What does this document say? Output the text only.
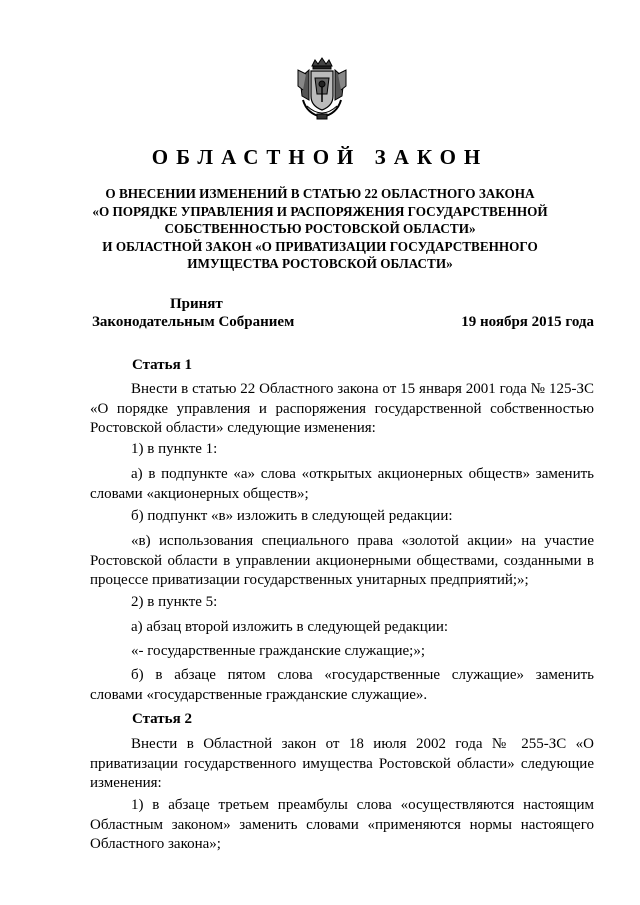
ОБЛАСТНОЙ ЗАКОН
О ВНЕСЕНИИ ИЗМЕНЕНИЙ В СТАТЬЮ 22 ОБЛАСТНОГО ЗАКОНА
«О ПОРЯДКЕ УПРАВЛЕНИЯ И РАСПОРЯЖЕНИЯ ГОСУДАРСТВЕННОЙ
СОБСТВЕННОСТЬЮ РОСТОВСКОЙ ОБЛАСТИ»
И ОБЛАСТНОЙ ЗАКОН «О ПРИВАТИЗАЦИИ ГОСУДАРСТВЕННОГО
ИМУЩЕСТВА РОСТОВСКОЙ ОБЛАСТИ»
Принят
Законодательным Собранием	19 ноября 2015 года
Статья 1

Внести в статью 22 Областного закона от 15 января 2001 года № 125-ЗС «О порядке управления и распоряжения государственной собственностью Ростовской области» следующие изменения:

1) в пункте 1:

а) в подпункте «а» слова «открытых акционерных обществ» заменить словами «акционерных обществ»;

б) подпункт «в» изложить в следующей редакции:

«в) использования специального права «золотой акции» на участие Ростовской области в управлении акционерными обществами, созданными в процессе приватизации государственных унитарных предприятий;»;

2) в пункте 5:

а) абзац второй изложить в следующей редакции:

«- государственные гражданские служащие;»;

б) в абзаце пятом слова «государственные служащие» заменить словами «государственные гражданские служащие».

Статья 2

Внести в Областной закон от 18 июля 2002 года № 255-ЗС «О приватизации государственного имущества Ростовской области» следующие изменения:

1) в абзаце третьем преамбулы слова «осуществляются настоящим Областным законом» заменить словами «применяются нормы настоящего Областного закона»;
